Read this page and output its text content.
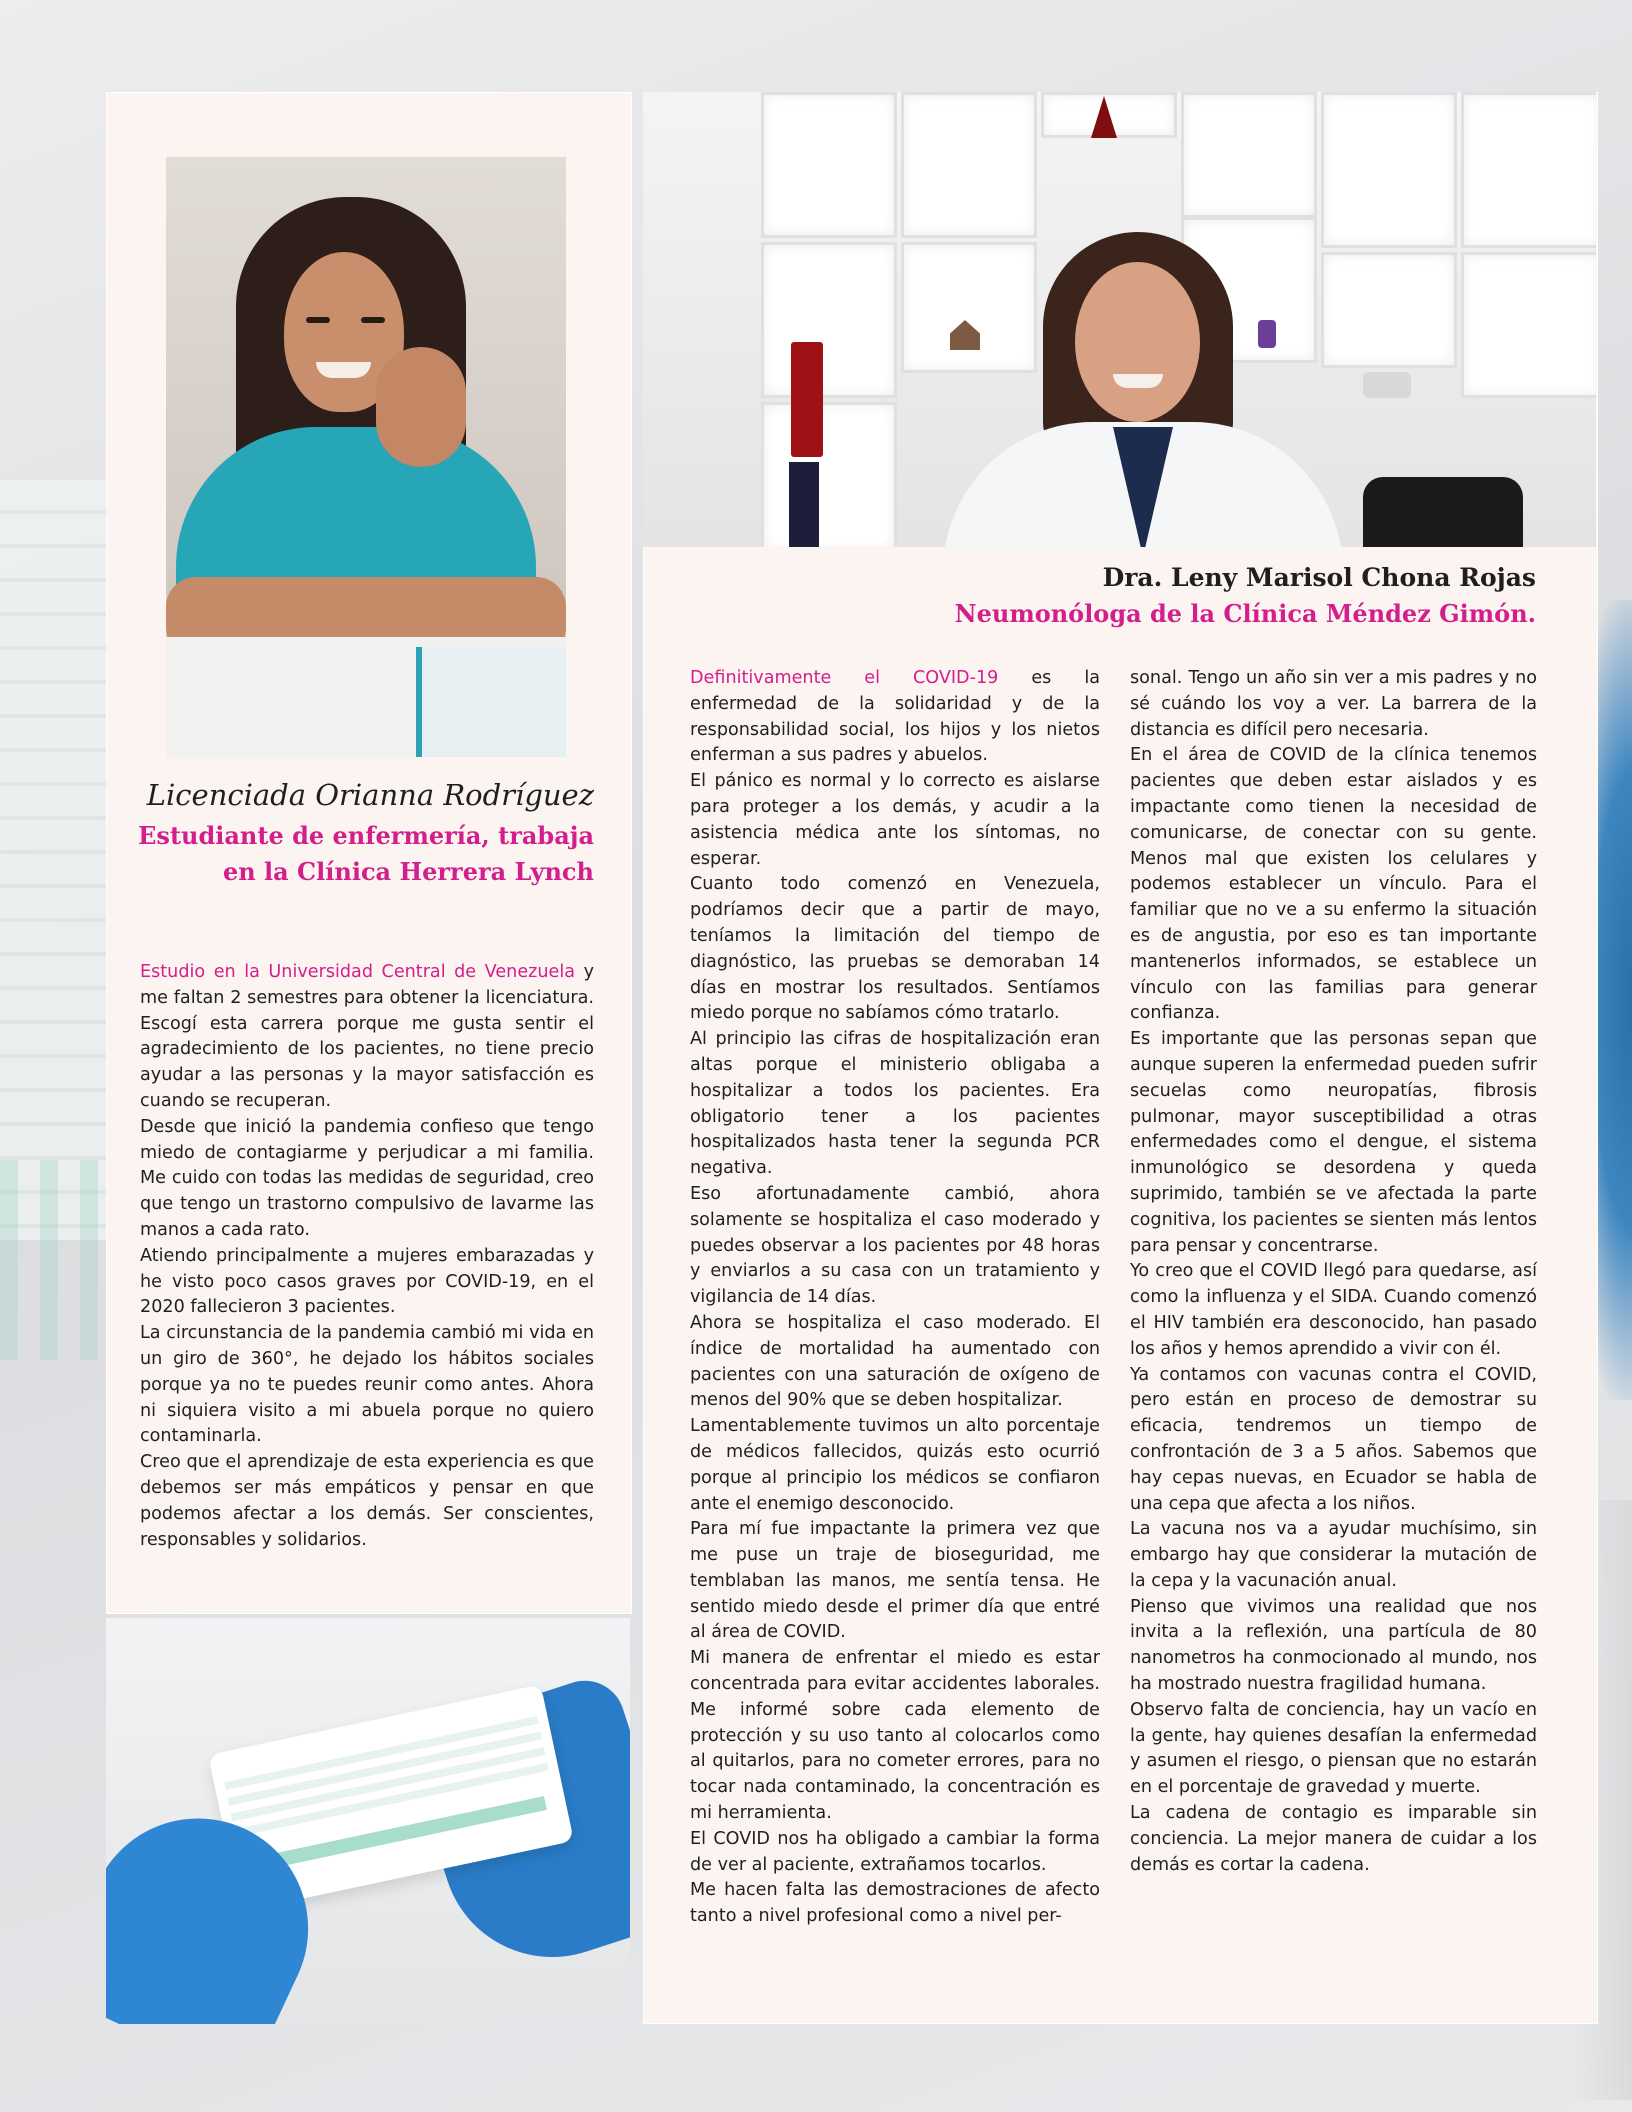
Licenciada Orianna Rodríguez
Estudiante de enfermería, trabaja en la Clínica Herrera Lynch
Dra. Leny Marisol Chona Rojas
Neumonóloga de la Clínica Méndez Gimón.

Estudio en la Universidad Central de Venezuela y me faltan 2 semestres para obtener la licenciatura. Escogí esta carrera porque me gusta sentir el agradecimiento de los pacientes, no tiene precio ayudar a las personas y la mayor satisfacción es cuando se recuperan.

Desde que inició la pandemia confieso que tengo miedo de contagiarme y perjudicar a mi familia. Me cuido con todas las medidas de seguridad, creo que tengo un trastorno compulsivo de lavarme las manos a cada rato.

Atiendo principalmente a mujeres embarazadas y he visto poco casos graves por COVID-19, en el 2020 fallecieron 3 pacientes.

La circunstancia de la pandemia cambió mi vida en un giro de 360°, he dejado los hábitos sociales porque ya no te puedes reunir como antes. Ahora ni siquiera visito a mi abuela porque no quiero contaminarla.

Creo que el aprendizaje de esta experiencia es que debemos ser más empáticos y pensar en que podemos afectar a los demás. Ser conscientes, responsables y solidarios.

Definitivamente el COVID-19 es la enfermedad de la solidaridad y de la responsabilidad social, los hijos y los nietos enferman a sus padres y abuelos.

El pánico es normal y lo correcto es aislarse para proteger a los demás, y acudir a la asistencia médica ante los síntomas, no esperar.

Cuanto todo comenzó en Venezuela, podríamos decir que a partir de mayo, teníamos la limitación del tiempo de diagnóstico, las pruebas se demoraban 14 días en mostrar los resultados. Sentíamos miedo porque no sabíamos cómo tratarlo.

Al principio las cifras de hospitalización eran altas porque el ministerio obligaba a hospitalizar a todos los pacientes. Era obligatorio tener a los pacientes hospitalizados hasta tener la segunda PCR negativa.

Eso afortunadamente cambió, ahora solamente se hospitaliza el caso moderado y puedes observar a los pacientes por 48 horas y enviarlos a su casa con un tratamiento y vigilancia de 14 días.

Ahora se hospitaliza el caso moderado. El índice de mortalidad ha aumentado con pacientes con una saturación de oxígeno de menos del 90% que se deben hospitalizar.

Lamentablemente tuvimos un alto porcentaje de médicos fallecidos, quizás esto ocurrió porque al principio los médicos se confiaron ante el enemigo desconocido.

Para mí fue impactante la primera vez que me puse un traje de bioseguridad, me temblaban las manos, me sentía tensa. He sentido miedo desde el primer día que entré al área de COVID.

Mi manera de enfrentar el miedo es estar concentrada para evitar accidentes laborales. Me informé sobre cada elemento de protección y su uso tanto al colocarlos como al quitarlos, para no cometer errores, para no tocar nada contaminado, la concentración es mi herramienta.

El COVID nos ha obligado a cambiar la forma de ver al paciente, extrañamos tocarlos.

Me hacen falta las demostraciones de afecto tanto a nivel profesional como a nivel per-

sonal. Tengo un año sin ver a mis padres y no sé cuándo los voy a ver. La barrera de la distancia es difícil pero necesaria.

En el área de COVID de la clínica tenemos pacientes que deben estar aislados y es impactante como tienen la necesidad de comunicarse, de conectar con su gente. Menos mal que existen los celulares y podemos establecer un vínculo. Para el familiar que no ve a su enfermo la situación es de angustia, por eso es tan importante mantenerlos informados, se establece un vínculo con las familias para generar confianza.

Es importante que las personas sepan que aunque superen la enfermedad pueden sufrir secuelas como neuropatías, fibrosis pulmonar, mayor susceptibilidad a otras enfermedades como el dengue, el sistema inmunológico se desordena y queda suprimido, también se ve afectada la parte cognitiva, los pacientes se sienten más lentos para pensar y concentrarse.

Yo creo que el COVID llegó para quedarse, así como la influenza y el SIDA. Cuando comenzó el HIV también era desconocido, han pasado los años y hemos aprendido a vivir con él.

Ya contamos con vacunas contra el COVID, pero están en proceso de demostrar su eficacia, tendremos un tiempo de confrontación de 3 a 5 años. Sabemos que hay cepas nuevas, en Ecuador se habla de una cepa que afecta a los niños.

La vacuna nos va a ayudar muchísimo, sin embargo hay que considerar la mutación de la cepa y la vacunación anual.

Pienso que vivimos una realidad que nos invita a la reflexión, una partícula de 80 nanometros ha conmocionado al mundo, nos ha mostrado nuestra fragilidad humana.

Observo falta de conciencia, hay un vacío en la gente, hay quienes desafían la enfermedad y asumen el riesgo, o piensan que no estarán en el porcentaje de gravedad y muerte.

La cadena de contagio es imparable sin conciencia. La mejor manera de cuidar a los demás es cortar la cadena.
